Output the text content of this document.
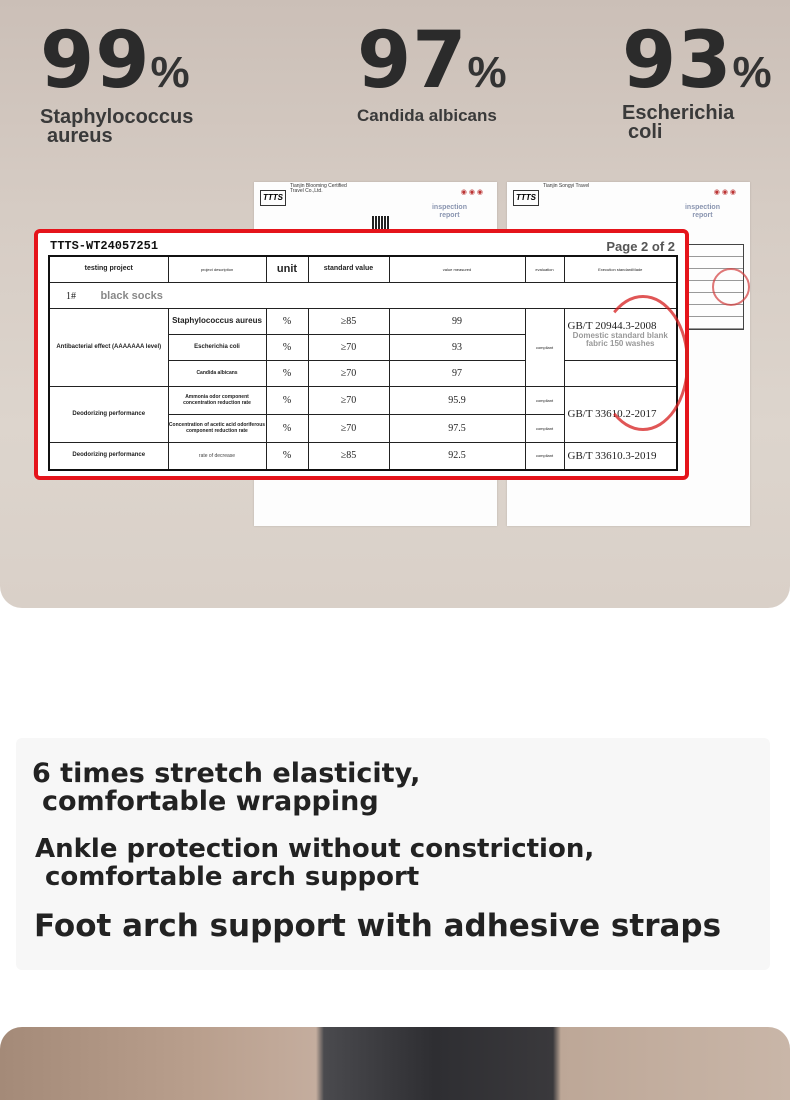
99%
Staphylococcus
aureus
97%
Candida albicans
93%
Escherichia
coli
TTTS
Tianjin Blooming Certified Travel Co.,Ltd.	◉ ◉ ◉
inspection
report
TTTS
Tianjin Songyi Travel
◉ ◉ ◉
inspection
report
TTTS-WT24057251	Page 2 of 2
testing project	project description	unit	standard value	value measured	evaluation	Execution standardMade
1# black socks						
Antibacterial effect (AAAAAAA level)	Staphylococcus aureus	%	≥85	99	compliant	GB/T 20944.3-2008
Domestic standard blank fabric 150 washes

	Escherichia coli	%	≥70	93		
	Candida albicans	%	≥70	97		
Deodorizing performance	Ammonia odor component concentration reduction rate	%	≥70	95.9	compliant	GB/T 33610.2-2017
	Concentration of acetic acid odoriferous component reduction rate	%	≥70	97.5	compliant	
Deodorizing performance	rate of decrease	%	≥85	92.5	compliant	GB/T 33610.3-2019
6 times stretch elasticity,
comfortable wrapping
Ankle protection without constriction,
comfortable arch support
Foot arch support with adhesive straps
